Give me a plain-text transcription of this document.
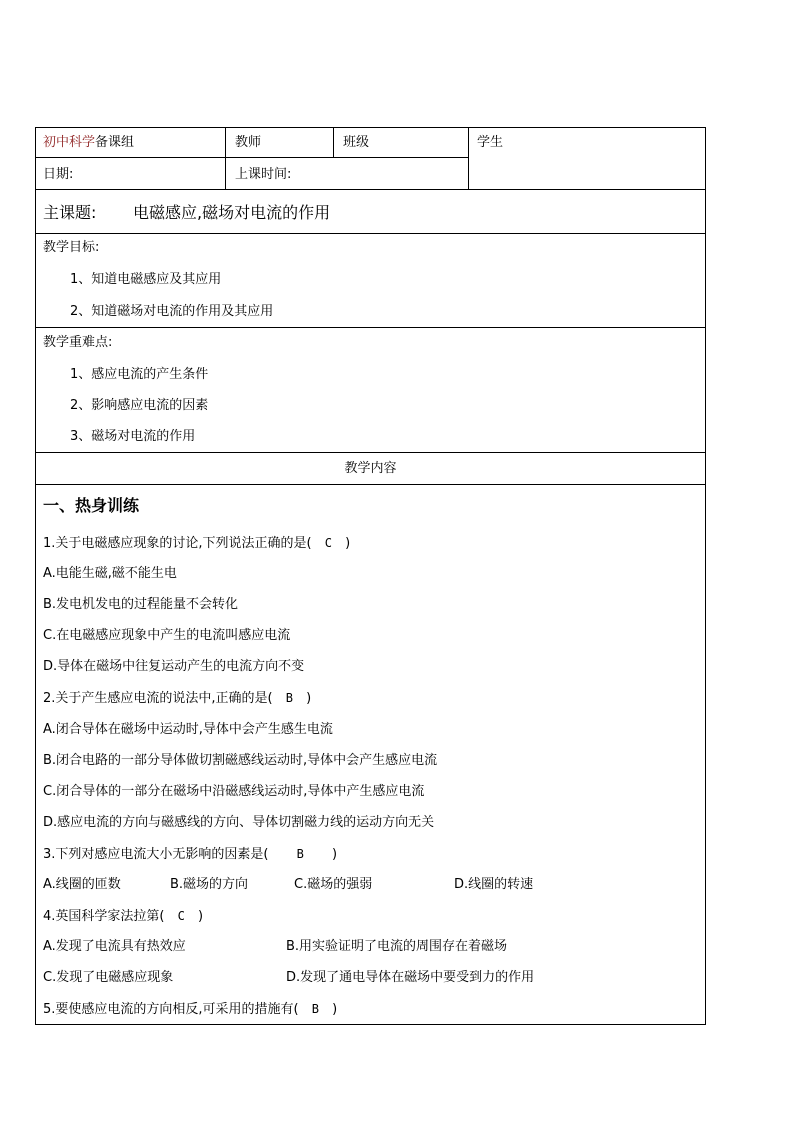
初中科学备课组	教师	班级	学生
日期:	上课时间:
主课题: 电磁感应,磁场对电流的作用
教学目标:
1、知道电磁感应及其应用
2、知道磁场对电流的作用及其应用
教学重难点:
1、感应电流的产生条件
2、影响感应电流的因素
3、磁场对电流的作用
教学内容
一、热身训练
1.关于电磁感应现象的讨论,下列说法正确的是( C )
A.电能生磁,磁不能生电
B.发电机发电的过程能量不会转化
C.在电磁感应现象中产生的电流叫感应电流
D.导体在磁场中往复运动产生的电流方向不变
2.关于产生感应电流的说法中,正确的是( B )
A.闭合导体在磁场中运动时,导体中会产生感生电流
B.闭合电路的一部分导体做切割磁感线运动时,导体中会产生感应电流
C.闭合导体的一部分在磁场中沿磁感线运动时,导体中产生感应电流
D.感应电流的方向与磁感线的方向、导体切割磁力线的运动方向无关
3.下列对感应电流大小无影响的因素是( B )
A.线圈的匝数	B.磁场的方向	C.磁场的强弱	D.线圈的转速
4.英国科学家法拉第( C )
A.发现了电流具有热效应	B.用实验证明了电流的周围存在着磁场
C.发现了电磁感应现象	D.发现了通电导体在磁场中要受到力的作用
5.要使感应电流的方向相反,可采用的措施有( B )
